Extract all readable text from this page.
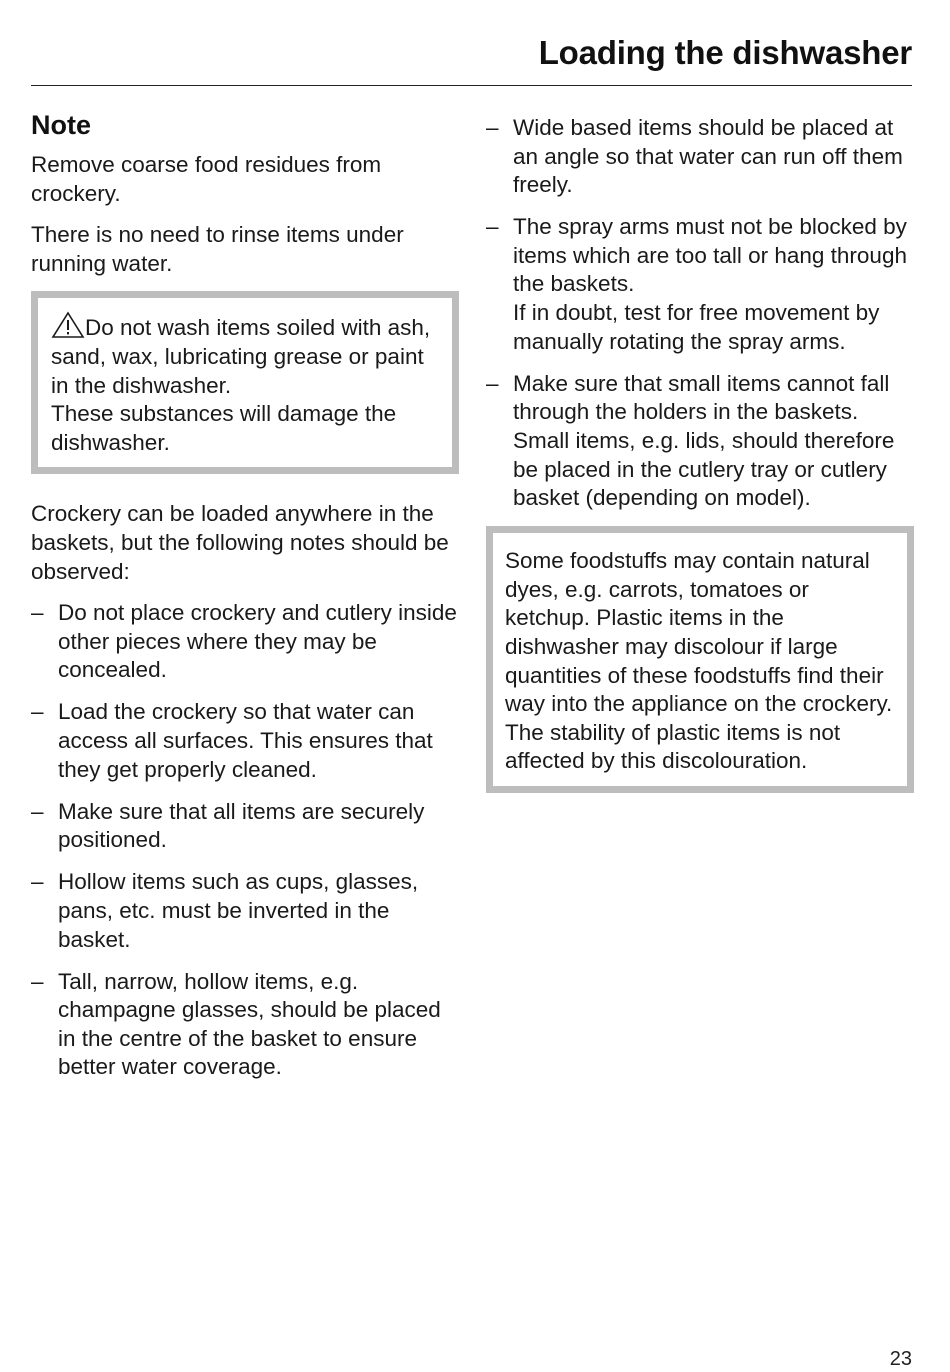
Loading the dishwasher
Note

Remove coarse food residues from crockery.

There is no need to rinse items under running water.

Do not wash items soiled with ash, sand, wax, lubricating grease or paint in the dishwasher.
These substances will damage the dishwasher.

Crockery can be loaded anywhere in the baskets, but the following notes should be observed:

– Do not place crockery and cutlery inside other pieces where they may be concealed.
– Load the crockery so that water can access all surfaces. This ensures that they get properly cleaned.
– Make sure that all items are securely positioned.
– Hollow items such as cups, glasses, pans, etc. must be inverted in the basket.
– Tall, narrow, hollow items, e.g. champagne glasses, should be placed in the centre of the basket to ensure better water coverage.
– Wide based items should be placed at an angle so that water can run off them freely.
– The spray arms must not be blocked by items which are too tall or hang through the baskets.
If in doubt, test for free movement by manually rotating the spray arms.
– Make sure that small items cannot fall through the holders in the baskets. Small items, e.g. lids, should therefore be placed in the cutlery tray or cutlery basket (depending on model).

Some foodstuffs may contain natural dyes, e.g. carrots, tomatoes or ketchup. Plastic items in the dishwasher may discolour if large quantities of these foodstuffs find their way into the appliance on the crockery. The stability of plastic items is not affected by this discolouration.

23
